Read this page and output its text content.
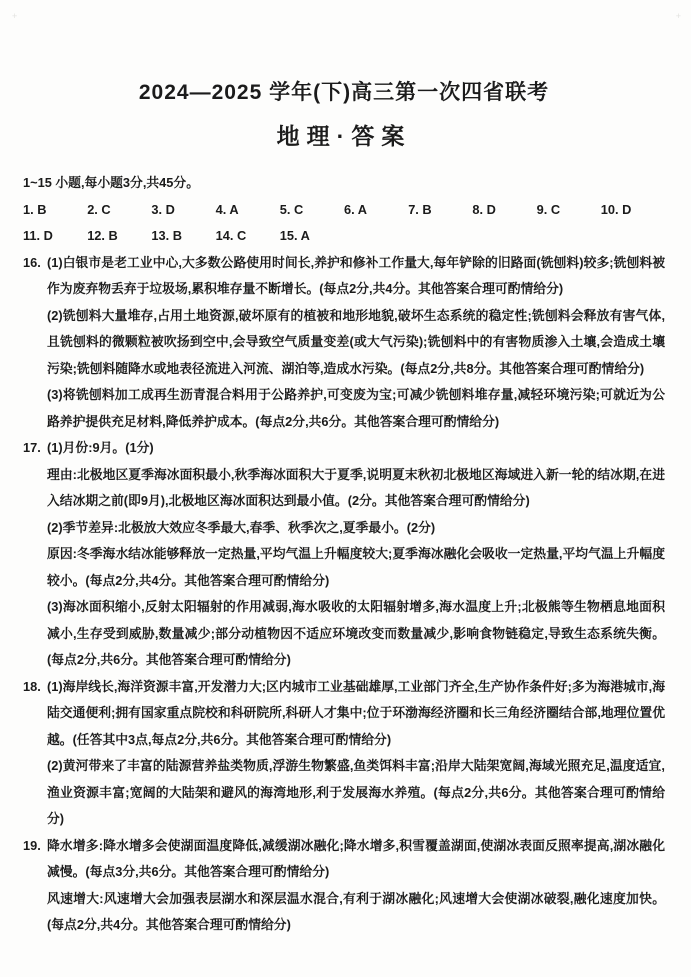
+	+
2024—2025 学年(下)高三第一次四省联考
地理·答案
1~15 小题,每小题3分,共45分。
1. B	2. C	3. D	4. A	5. C	6. A	7. B	8. D	9. C	10. D
11. D	12. B	13. B	14. C	15. A
16. (1)白银市是老工业中心,大多数公路使用时间长,养护和修补工作量大,每年铲除的旧路面(铣刨料)较多;铣刨料被作为废弃物丢弃于垃圾场,累积堆存量不断增长。(每点2分,共4分。其他答案合理可酌情给分)
(2)铣刨料大量堆存,占用土地资源,破坏原有的植被和地形地貌,破坏生态系统的稳定性;铣刨料会释放有害气体,且铣刨料的微颗粒被吹扬到空中,会导致空气质量变差(或大气污染);铣刨料中的有害物质渗入土壤,会造成土壤污染;铣刨料随降水或地表径流进入河流、湖泊等,造成水污染。(每点2分,共8分。其他答案合理可酌情给分)
(3)将铣刨料加工成再生沥青混合料用于公路养护,可变废为宝;可减少铣刨料堆存量,减轻环境污染;可就近为公路养护提供充足材料,降低养护成本。(每点2分,共6分。其他答案合理可酌情给分)
17. (1)月份:9月。(1分)
理由:北极地区夏季海冰面积最小,秋季海冰面积大于夏季,说明夏末秋初北极地区海域进入新一轮的结冰期,在进入结冰期之前(即9月),北极地区海冰面积达到最小值。(2分。其他答案合理可酌情给分)
(2)季节差异:北极放大效应冬季最大,春季、秋季次之,夏季最小。(2分)
原因:冬季海水结冰能够释放一定热量,平均气温上升幅度较大;夏季海冰融化会吸收一定热量,平均气温上升幅度较小。(每点2分,共4分。其他答案合理可酌情给分)
(3)海冰面积缩小,反射太阳辐射的作用减弱,海水吸收的太阳辐射增多,海水温度上升;北极熊等生物栖息地面积减小,生存受到威胁,数量减少;部分动植物因不适应环境改变而数量减少,影响食物链稳定,导致生态系统失衡。(每点2分,共6分。其他答案合理可酌情给分)
18. (1)海岸线长,海洋资源丰富,开发潜力大;区内城市工业基础雄厚,工业部门齐全,生产协作条件好;多为海港城市,海陆交通便利;拥有国家重点院校和科研院所,科研人才集中;位于环渤海经济圈和长三角经济圈结合部,地理位置优越。(任答其中3点,每点2分,共6分。其他答案合理可酌情给分)
(2)黄河带来了丰富的陆源营养盐类物质,浮游生物繁盛,鱼类饵料丰富;沿岸大陆架宽阔,海域光照充足,温度适宜,渔业资源丰富;宽阔的大陆架和避风的海湾地形,利于发展海水养殖。(每点2分,共6分。其他答案合理可酌情给分)
19. 降水增多:降水增多会使湖面温度降低,减缓湖冰融化;降水增多,积雪覆盖湖面,使湖冰表面反照率提高,湖冰融化减慢。(每点3分,共6分。其他答案合理可酌情给分)
风速增大:风速增大会加强表层湖水和深层温水混合,有利于湖冰融化;风速增大会使湖冰破裂,融化速度加快。(每点2分,共4分。其他答案合理可酌情给分)
